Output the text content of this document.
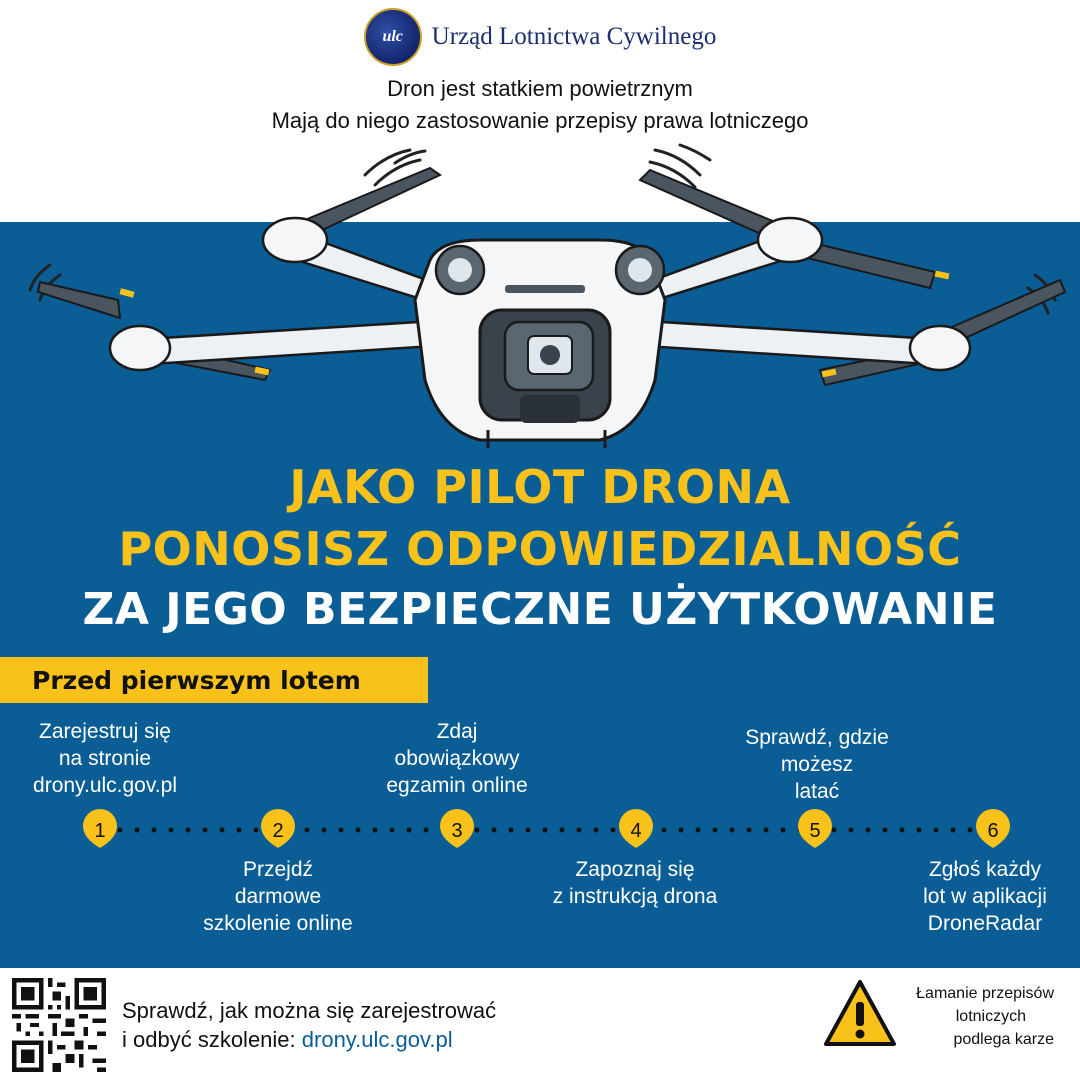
ulc Urząd Lotnictwa Cywilnego
Dron jest statkiem powietrznym
Mają do niego zastosowanie przepisy prawa lotniczego
JAKO PILOT DRONA
PONOSISZ ODPOWIEDZIALNOŚĆ
ZA JEGO BEZPIECZNE UŻYTKOWANIE
Przed pierwszym lotem
Zarejestruj się
na stronie
drony.ulc.gov.pl
Zdaj
obowiązkowy
egzamin online
Sprawdź, gdzie
możesz
latać
Przejdź
darmowe
szkolenie online
Zapoznaj się
z instrukcją drona
Zgłoś każdy
lot w aplikacji
DroneRadar
1	2	3	4	5	6
Sprawdź, jak można się zarejestrować
i odbyć szkolenie: drony.ulc.gov.pl
Łamanie przepisów
lotniczych
podlega karze
